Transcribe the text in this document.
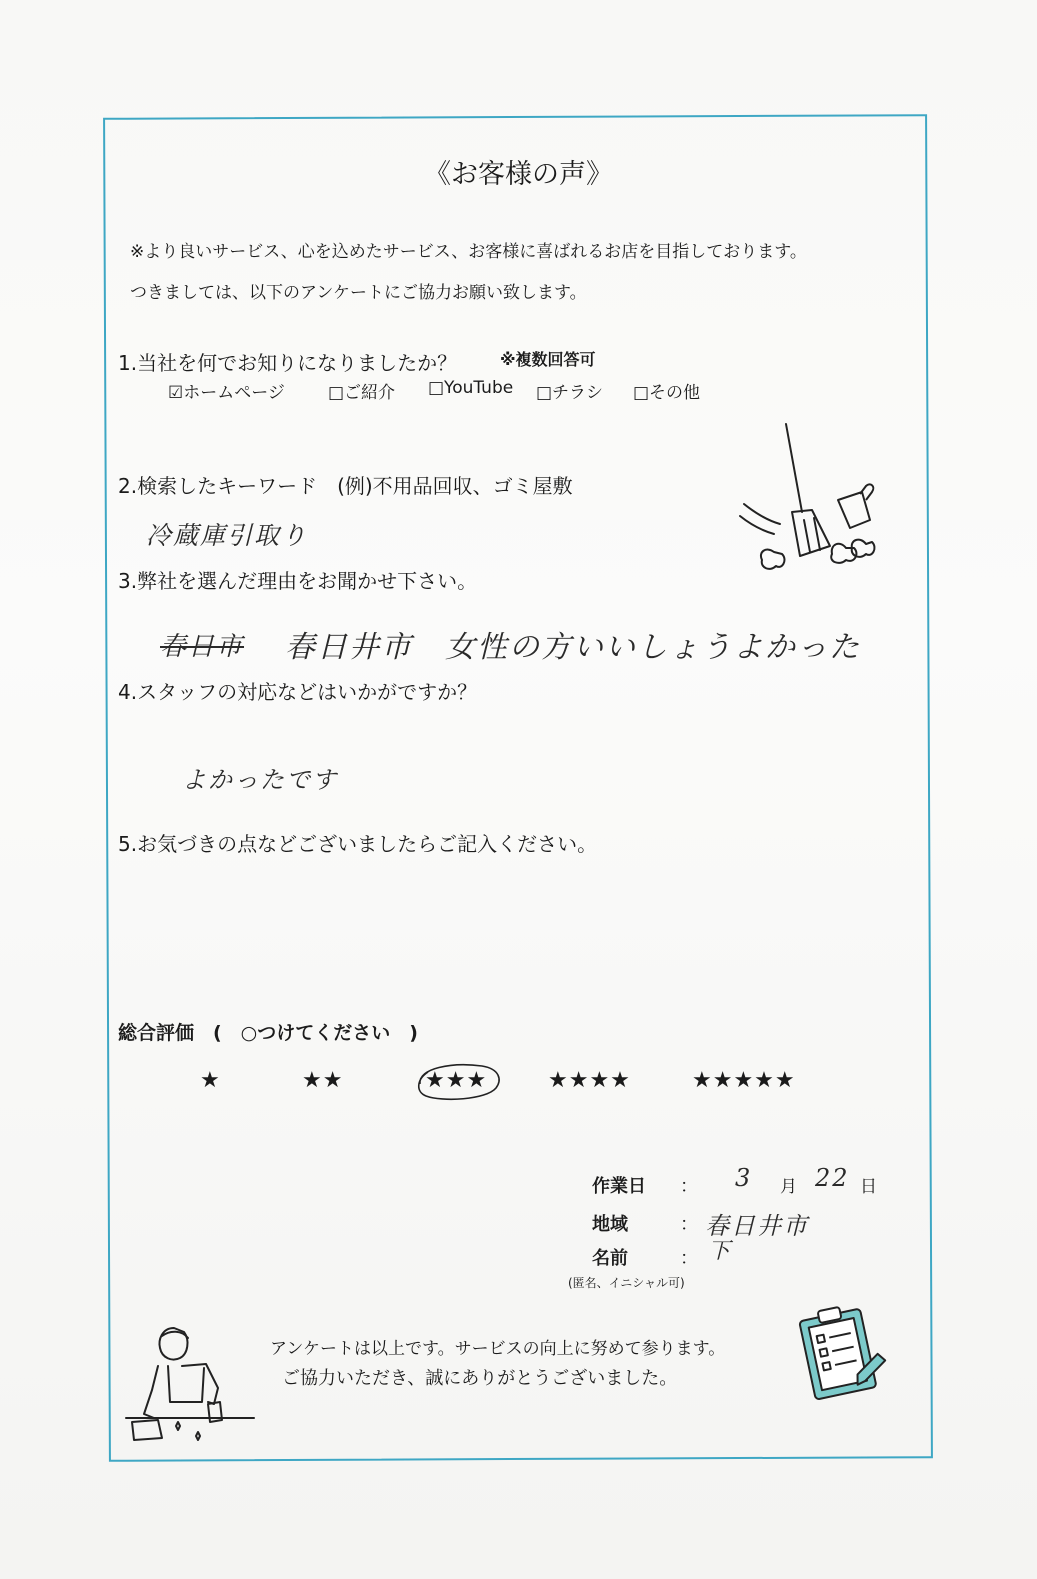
《お客様の声》
※より良いサービス、心を込めたサービス、お客様に喜ばれるお店を目指しております。
つきましては、以下のアンケートにご協力お願い致します。
1.当社を何でお知りになりましたか？	※複数回答可
☑ホームページ	□ご紹介 □YouTube □チラシ □その他
2.検索したキーワード　(例)不用品回収、ゴミ屋敷
冷蔵庫引取り
3.弊社を選んだ理由をお聞かせ下さい。
春日市 春日井市　女性の方いいしょうよかった
4.スタッフの対応などはいかがですか？
よかったです
5.お気づきの点などございましたらご記入ください。
総合評価　(　○つけてください　)
★	★★	★★★	★★★★	★★★★★
作業日 ： 3 月 22 日
地域	： 春日井市
名前	： 下
(匿名、イニシャル可)
アンケートは以上です。サービスの向上に努めて参ります。
ご協力いただき、誠にありがとうございました。
